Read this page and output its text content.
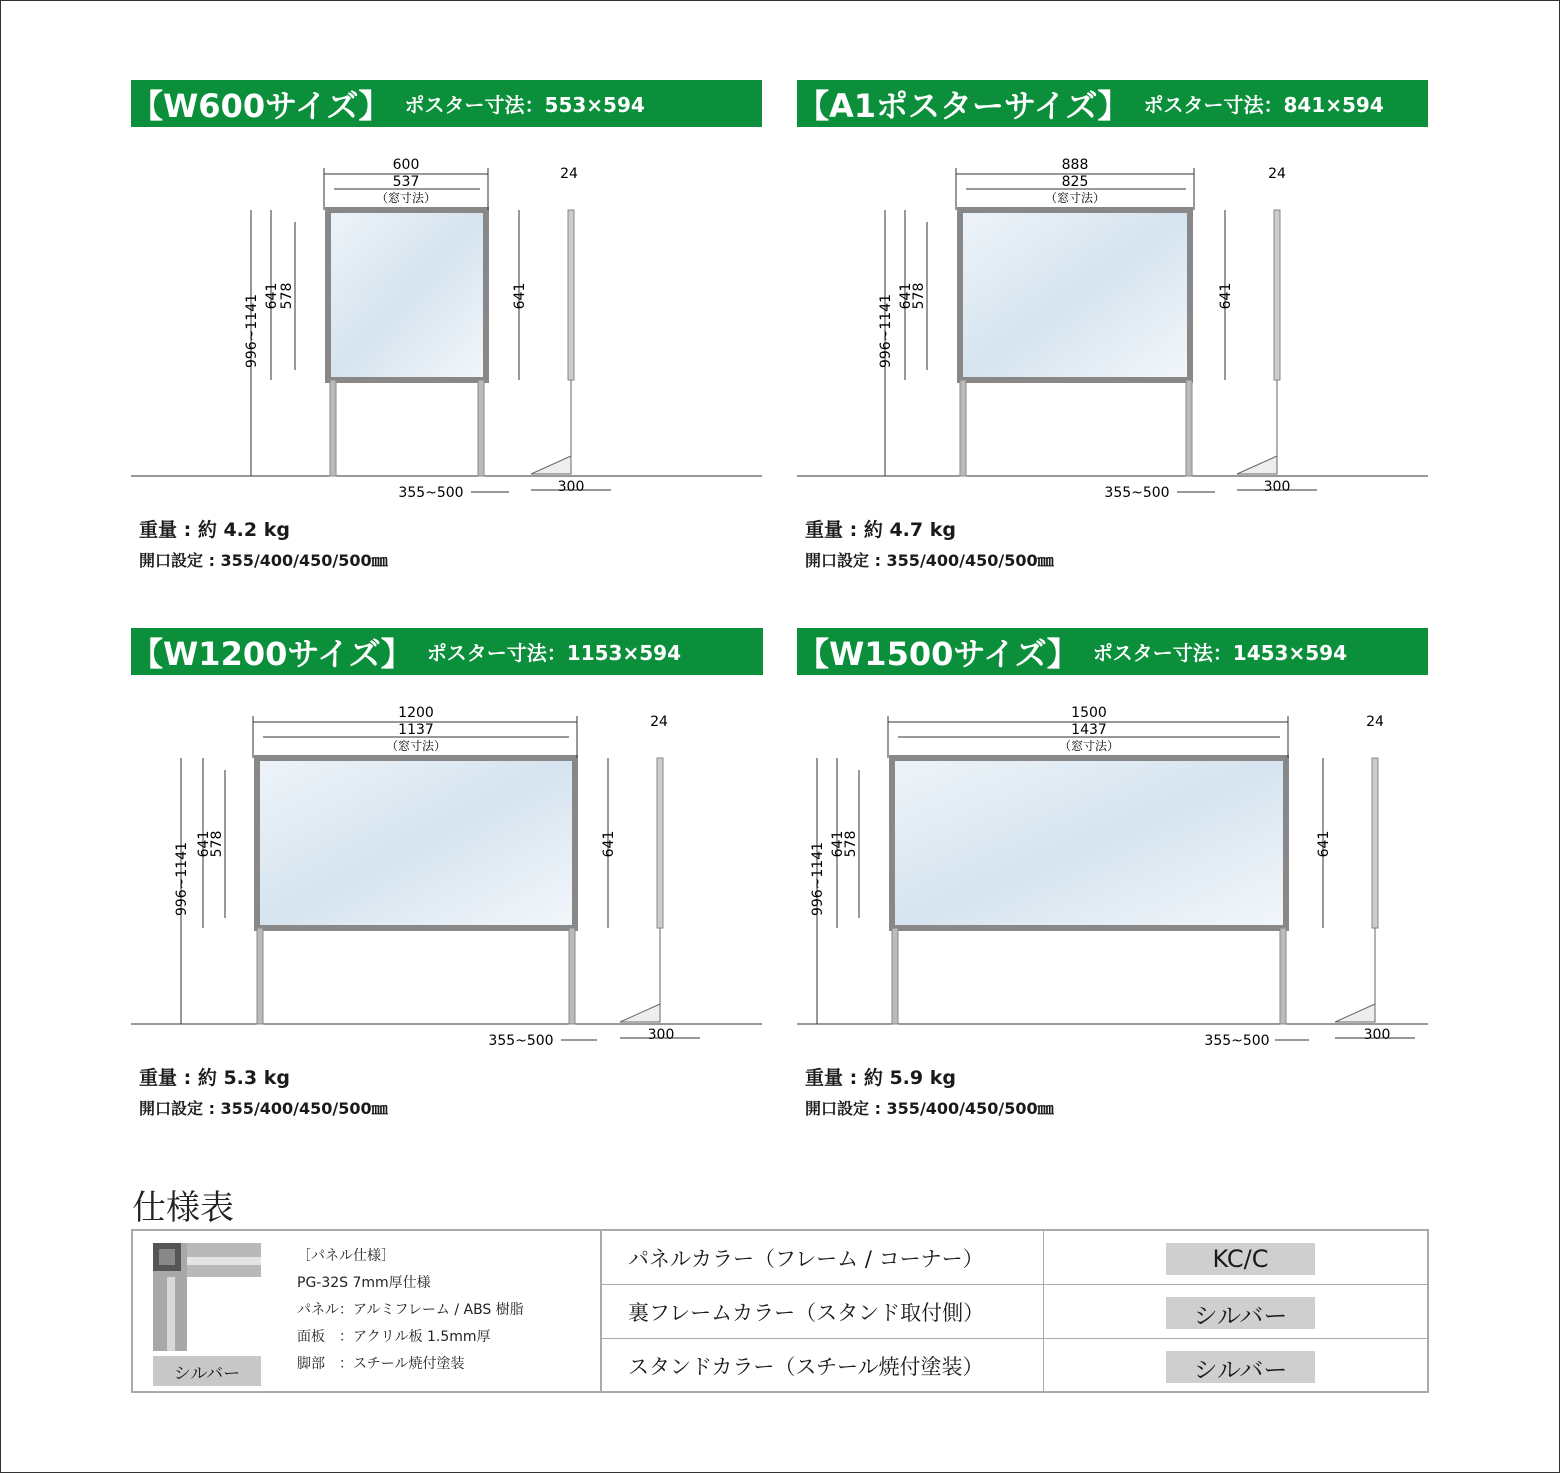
【W600サイズ】 ポスター寸法：553×594
600
537
（窓寸法）
996~1141 641 578	641
24
300
355~500
重量 : 約 4.2 kg
開口設定 : 355/400/450/500㎜
【A1ポスターサイズ】 ポスター寸法：841×594
888
825
（窓寸法）
996~1141 641
578	641
24
300
355~500
重量 : 約 4.7 kg
開口設定 : 355/400/450/500㎜
【W1200サイズ】 ポスター寸法：1153×594
1200
1137
（窓寸法）
996~1141 641
578	641
24
300
355~500
重量 : 約 5.3 kg
開口設定 : 355/400/450/500㎜
【W1500サイズ】 ポスター寸法：1453×594
1500
1437
（窓寸法）
996~1141 641
578	641
24
300
355~500
重量 : 約 5.9 kg
開口設定 : 355/400/450/500㎜
仕様表
シルバー
［パネル仕様］
PG-32S 7mm厚仕様
パネル：アルミフレーム / ABS 樹脂
面板　：アクリル板 1.5mm厚
脚部　：スチール焼付塗装
パネルカラー（フレーム / コーナー）	KC/C
裏フレームカラー（スタンド取付側）	シルバー
スタンドカラー（スチール焼付塗装）	シルバー
